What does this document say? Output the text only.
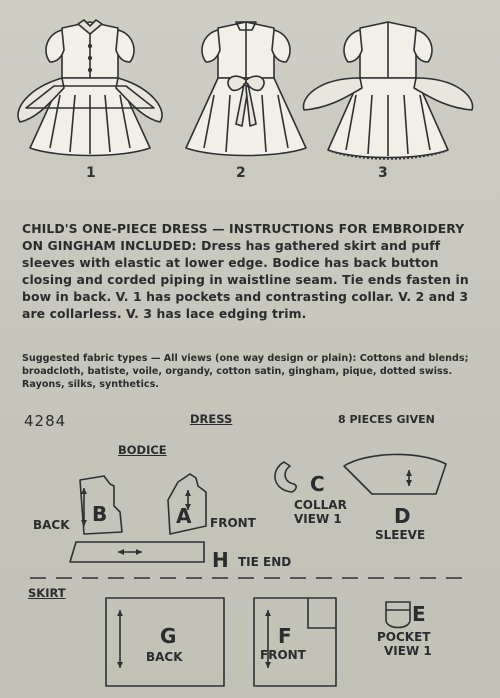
1	2	3
CHILD'S ONE-PIECE DRESS — INSTRUCTIONS FOR EMBROIDERY ON GINGHAM INCLUDED: Dress has gathered skirt and puff sleeves with elastic at lower edge. Bodice has back button closing and corded piping in waistline seam. Tie ends fasten in bow in back. V. 1 has pockets and contrasting collar. V. 2 and 3 are collarless. V. 3 has lace edging trim.
Suggested fabric types — All views (one way design or plain): Cottons and blends; broadcloth, batiste, voile, organdy, cotton satin, gingham, pique, dotted swiss. Rayons, silks, synthetics.
4284	DRESS	8 PIECES GIVEN
BODICE
B
BACK	A FRONT
C
COLLAR
VIEW 1	D
SLEEVE
H TIE END
SKIRT
G
BACK
F
FRONT
E
POCKET
VIEW 1
